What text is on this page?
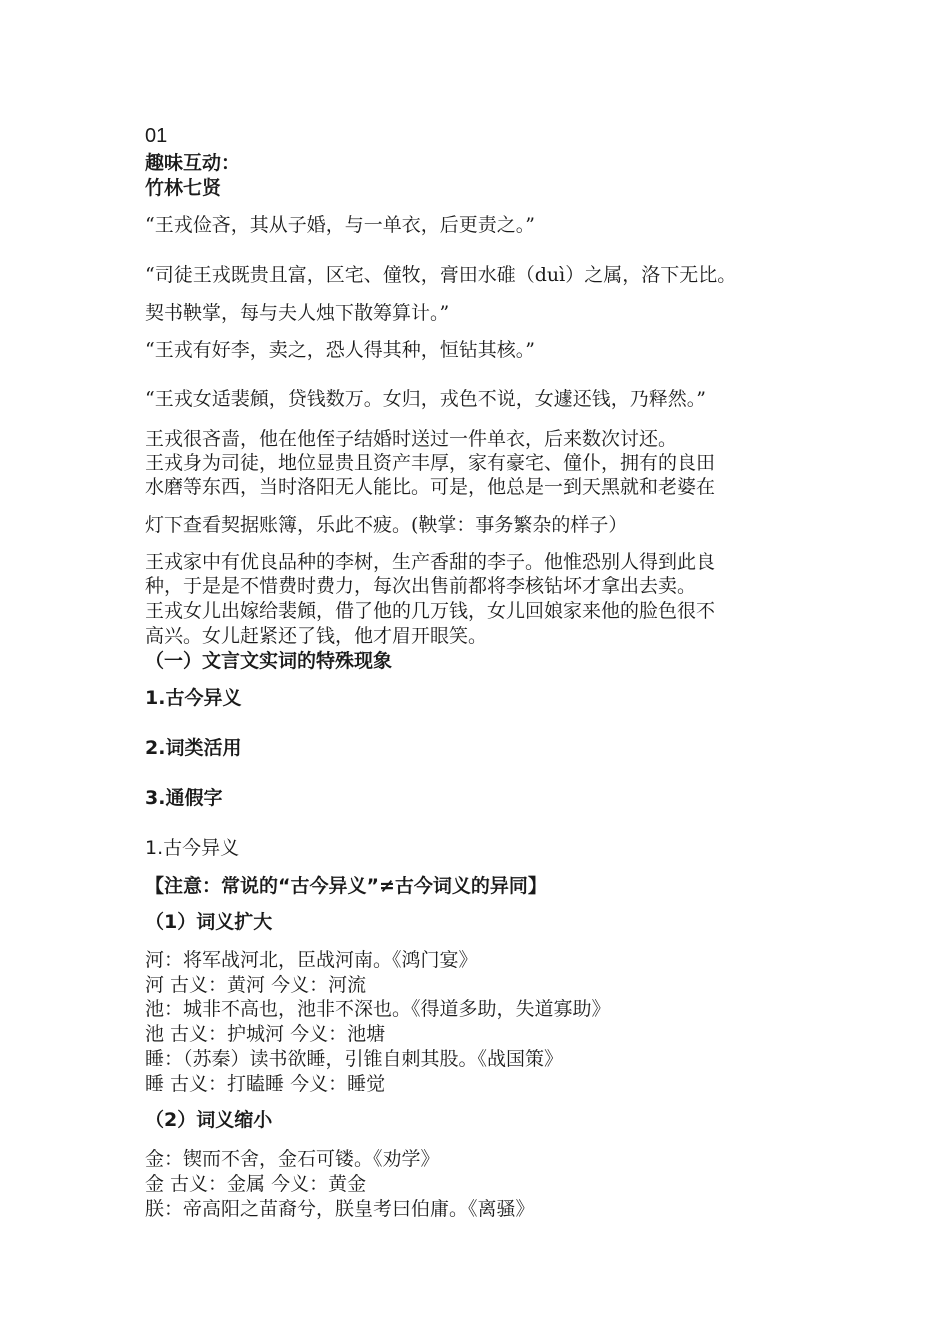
01
趣味互动：
竹林七贤
“王戎俭吝，其从子婚，与一单衣，后更责之。”
“司徒王戎既贵且富，区宅、僮牧，膏田水碓（duì）之属，洛下无比。
契书鞅掌，每与夫人烛下散筹算计。”
“王戎有好李，卖之，恐人得其种，恒钻其核。”
“王戎女适裴頠，贷钱数万。女归，戎色不说，女遽还钱，乃释然。”
王戎很吝啬，他在他侄子结婚时送过一件单衣，后来数次讨还。
王戎身为司徒，地位显贵且资产丰厚，家有豪宅、僮仆，拥有的良田
水磨等东西，当时洛阳无人能比。可是，他总是一到天黑就和老婆在
灯下查看契据账簿，乐此不疲。(鞅掌：事务繁杂的样子）
王戎家中有优良品种的李树，生产香甜的李子。他惟恐别人得到此良
种，于是是不惜费时费力，每次出售前都将李核钻坏才拿出去卖。
王戎女儿出嫁给裴頠，借了他的几万钱，女儿回娘家来他的脸色很不
高兴。女儿赶紧还了钱，他才眉开眼笑。
（一）文言文实词的特殊现象
1.古今异义
2.词类活用
3.通假字
1.古今异义
【注意：常说的“古今异义”≠古今词义的异同】
（1）词义扩大
河：将军战河北，臣战河南。《鸿门宴》
河 古义：黄河 今义：河流
池：城非不高也，池非不深也。《得道多助，失道寡助》
池 古义：护城河 今义：池塘
睡：（苏秦）读书欲睡，引锥自刺其股。《战国策》
睡 古义：打瞌睡 今义：睡觉
（2）词义缩小
金：锲而不舍，金石可镂。《劝学》
金 古义：金属 今义：黄金
朕：帝高阳之苗裔兮，朕皇考曰伯庸。《离骚》
